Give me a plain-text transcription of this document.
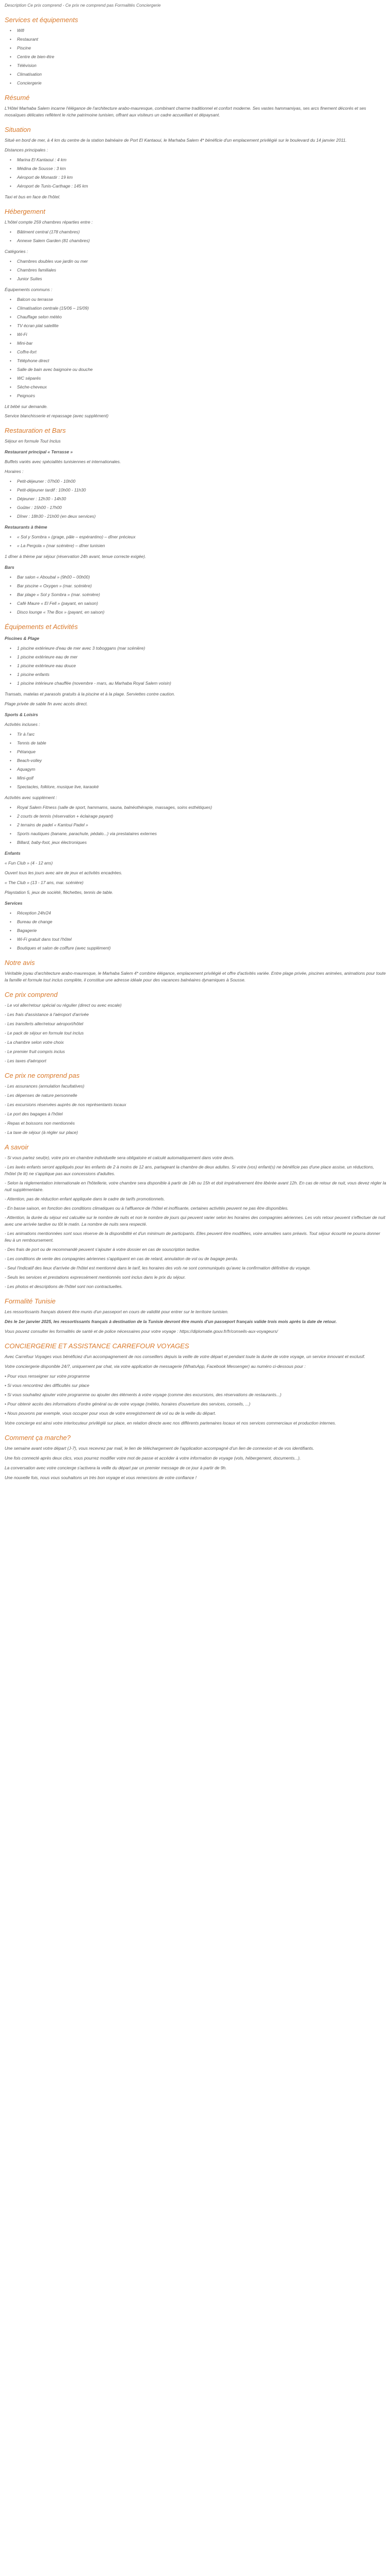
Description Ce prix comprend - Ce prix ne comprend pas Formalités Conciergerie

Services et équipements
• Wifi
• Restaurant
• Piscine
• Centre de bien-être
• Télévision
• Climatisation
• Conciergerie
Résumé

L'Hôtel Marhaba Salem incarne l'élégance de l'architecture arabo-mauresque, combinant charme traditionnel et confort moderne. Ses vastes hammamiyas, ses arcs finement décorés et ses mosaïques délicates reflètent le riche patrimoine tunisien, offrant aux visiteurs un cadre accueillant et dépaysant.

Situation

Situé en bord de mer, à 4 km du centre de la station balnéaire de Port El Kantaoui, le Marhaba Salem 4* bénéficie d'un emplacement privilégié sur le boulevard du 14 janvier 2011.

Distances principales :

• Marina El Kantaoui : 4 km
• Médina de Sousse : 3 km
• Aéroport de Monastir : 19 km
• Aéroport de Tunis-Carthage : 145 km

Taxi et bus en face de l'hôtel.

Hébergement

L'hôtel compte 259 chambres réparties entre :

• Bâtiment central (178 chambres)
• Annexe Salem Garden (81 chambres)

Catégories :

• Chambres doubles vue jardin ou mer
• Chambres familiales
• Junior Suites

Équipements communs :

• Balcon ou terrasse
• Climatisation centrale (15/06 – 15/09)
• Chauffage selon météo
• TV écran plat satellite
• Wi-Fi
• Mini-bar
• Coffre-fort
• Téléphone direct
• Salle de bain avec baignoire ou douche
• WC séparés
• Sèche-cheveux
• Peignoirs

Lit bébé sur demande.
Service blanchisserie et repassage (avec supplément)

Restauration et Bars

Séjour en formule Tout Inclus

Restaurant principal « Terrasse »

Buffets variés avec spécialités tunisiennes et internationales.

Horaires :

• Petit-déjeuner : 07h00 - 10h00
• Petit-déjeuner tardif : 10h00 - 11h30
• Déjeuner : 12h30 - 14h30
• Goûter : 15h00 - 17h00
• Dîner : 18h30 - 21h00 (en deux services)

Restaurants à thème

• « Sol y Sombra » (grage, pâle – espérantino) – dîner précieux
• « La Pergola » (mar scénière) – dîner tunisien

1 dîner à thème par séjour (réservation 24h avant, tenue correcte exigée).

Bars

• Bar salon « Aboubal » (9h00 – 00h00)
• Bar piscine « Oxygen » (mar. scénière)
• Bar plage « Sol y Sombra » (mar. scénière)
• Café Maure « El Fell » (payant, en saison)
• Disco lounge « The Box » (payant, en saison)
Équipements et Activités

Piscines & Plage

• 1 piscine extérieure d'eau de mer avec 3 toboggans (mar scénière)
• 1 piscine extérieure eau de mer
• 1 piscine extérieure eau douce
• 1 piscine enfants
• 1 piscine intérieure chauffée (novembre - mars, au Marhaba Royal Salem voisin)

Transats, matelas et parasols gratuits à la piscine et à la plage. Serviettes contre caution.

Plage privée de sable fin avec accès direct.

Sports & Loisirs

Activités incluses :

• Tir à l'arc
• Tennis de table
• Pétanque
• Beach-volley
• Aquagym
• Mini-golf
• Spectacles, folklore, musique live, karaoké

Activités avec supplément :

• Royal Salem Fitness (salle de sport, hammams, sauna, balnéothérapie, massages, soins esthétiques)
• 2 courts de tennis (réservation + éclairage payant)
• 2 terrains de padel « Kantoui Padel »
• Sports nautiques (banane, parachute, pédalo...) via prestataires externes
• Billard, baby-foot, jeux électroniques

Enfants

« Fun Club » (4 - 12 ans)

Ouvert tous les jours avec aire de jeux et activités encadrées.

« The Club » (13 - 17 ans, mar. scénière)

Playstation 5, jeux de société, fléchettes, tennis de table.

Services

• Réception 24h/24
• Bureau de change
• Bagagerie
• Wi-Fi gratuit dans tout l'hôtel
• Boutiques et salon de coiffure (avec supplément)
Notre avis

Véritable joyau d'architecture arabo-mauresque, le Marhaba Salem 4* combine élégance, emplacement privilégié et offre d'activités variée. Entre plage privée, piscines animées, animations pour toute la famille et formule tout inclus complète, il constitue une adresse idéale pour des vacances balnéaires dynamiques à Sousse.

Ce prix comprend

- Le vol aller/retour spécial ou régulier (direct ou avec escale)
- Les frais d'assistance à l'aéroport d'arrivée
- Les transferts aller/retour aéroport/hôtel
- Le pack de séjour en formule tout inclus
- La chambre selon votre choix
- Le premier fruit compris inclus
- Les taxes d'aéroport

Ce prix ne comprend pas

- Les assurances (annulation facultatives)
- Les dépenses de nature personnelle
- Les excursions réservées auprès de nos représentants locaux
- Le port des bagages à l'hôtel
- Repas et boissons non mentionnés
- La taxe de séjour (à régler sur place)

A savoir

- Si vous partez seul(e), votre prix en chambre individuelle sera obligatoire et calculé automatiquement dans votre devis.
- Les lavés enfants seront appliqués pour les enfants de 2 à moins de 12 ans, partageant la chambre de deux adultes. Si votre (vos) enfant(s) ne bénéficie pas d'une place assise, un réductions, l'hôtel (Ie lit) ne s'applique pas aux concessions d'adultes.
- Selon la réglementation internationale en l'hôtellerie, votre chambre sera disponible à partir de 14h ou 15h et doit impérativement être libérée avant 12h. En cas de retour de nuit, vous devez régler la nuit supplémentaire.
- Attention, pas de réduction enfant appliquée dans le cadre de tarifs promotionnels.
- En basse saison, en fonction des conditions climatiques ou à l'affluence de l'hôtel et inoffisante, certaines activités peuvent ne pas être disponibles.
- Attention, la durée du séjour est calculée sur le nombre de nuits et non le nombre de jours qui peuvent varier selon les horaires des compagnies aériennes. Les vols retour peuvent s'effectuer de nuit avec une arrivée tardive ou tôt le matin. La nombre de nuits sera respecté.
- Les animations mentionnées sont sous réserve de la disponibilité et d'un minimum de participants. Elles peuvent être modifiées, voire annulées sans préavis. Tout séjour écourté ne pourra donner lieu à un remboursement.
- Des frais de port ou de recommandé peuvent s'ajouter à votre dossier en cas de souscription tardive.
- Les conditions de vente des compagnies aériennes s'appliquent en cas de retard, annulation de vol ou de bagage perdu.
- Seul l'indicatif des lieux d'arrivée de l'hôtel est mentionné dans le tarif, les horaires des vols ne sont communiqués qu'avec la confirmation définitive du voyage.
- Seuls les services et prestations expressément mentionnés sont inclus dans le prix du séjour.
- Les photos et descriptions de l'hôtel sont non contractuelles.

Formalité Tunisie

Les ressortissants français doivent être munis d'un passeport en cours de validité pour entrer sur le territoire tunisien.

Dès le 1er janvier 2025, les ressortissants français à destination de la Tunisie devront être munis d'un passeport français valide trois mois après la date de retour.

Vous pouvez consulter les formalités de santé et de police nécessaires pour votre voyage : https://diplomatie.gouv.fr/fr/conseils-aux-voyageurs/

CONCIERGERIE ET ASSISTANCE CARREFOUR VOYAGES

Avec Carrefour Voyages vous bénéficiez d'un accompagnement de nos conseillers depuis la veille de votre départ et pendant toute la durée de votre voyage, un service innovant et exclusif.

Votre conciergerie disponible 24/7, uniquement par chat, via votre application de messagerie (WhatsApp, Facebook Messenger) au numéro ci-dessous pour :

• Pour vous renseigner sur votre programme
• Si vous rencontrez des difficultés sur place
• Si vous souhaitez ajouter votre programme ou ajouter des éléments à votre voyage (comme des excursions, des réservations de restaurants...)
• Pour obtenir accès des informations d'ordre général ou de votre voyage (météo, horaires d'ouverture des services, conseils, ...)
• Nous pouvons par exemple, vous occuper pour vous de votre enregistrement de vol ou de la veille du départ.

Votre concierge est ainsi votre interlocuteur privilégié sur place, en relation directe avec nos différents partenaires locaux et nos services commerciaux et production internes.

Comment ça marche?

Une semaine avant votre départ (J-7), vous recevrez par mail, le lien de téléchargement de l'application accompagné d'un lien de connexion et de vos identifiants.

Une fois connecté après deux clics, vous pourrez modifier votre mot de passe et accéder à votre information de voyage (vols, hébergement, documents...).

La conversation avec votre concierge s'activera la veille du départ par un premier message de ce jour à partir de 9h.

Une nouvelle fois, nous vous souhaitons un très bon voyage et vous remercions de votre confiance !
